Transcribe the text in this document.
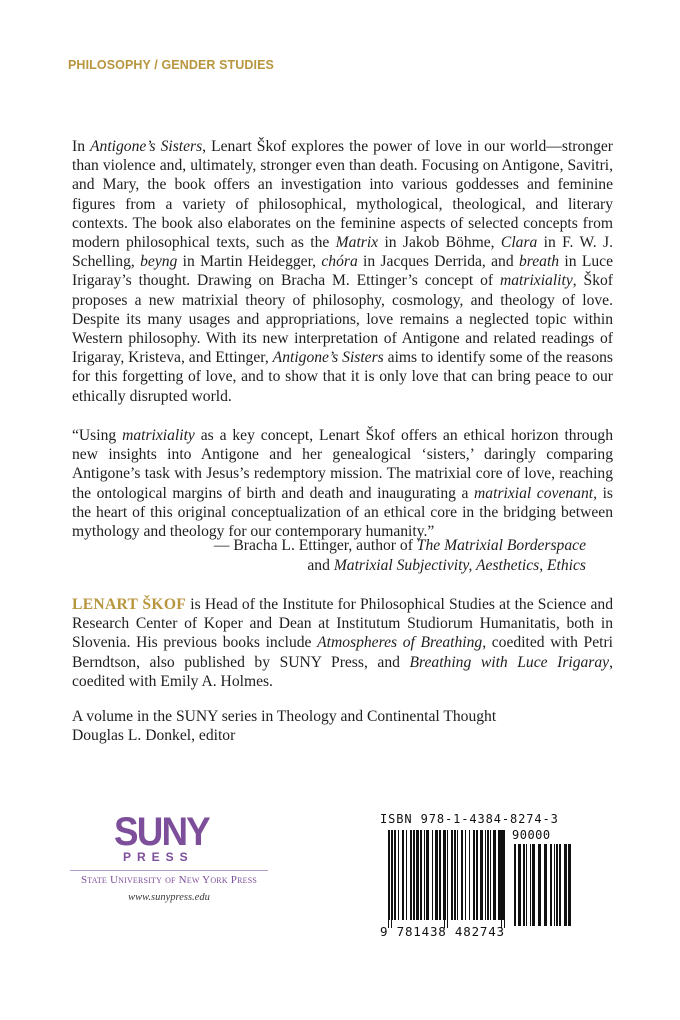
PHILOSOPHY / GENDER STUDIES

In Antigone’s Sisters, Lenart Škof explores the power of love in our world—stronger than violence and, ultimately, stronger even than death. Focusing on Antigone, Savitri, and Mary, the book offers an investigation into various goddesses and feminine figures from a variety of philosophical, mythological, theological, and literary contexts. The book also elaborates on the feminine aspects of selected concepts from modern philosophical texts, such as the Matrix in Jakob Böhme, Clara in F. W. J. Schelling, beyng in Martin Heidegger, chóra in Jacques Derrida, and breath in Luce Irigaray’s thought. Drawing on Bracha M. Ettinger’s concept of matrixiality, Škof proposes a new matrixial theory of philosophy, cosmology, and theology of love. Despite its many usages and appropriations, love remains a neglected topic within Western philosophy. With its new interpretation of Antigone and related readings of Irigaray, Kristeva, and Ettinger, Antigone’s Sisters aims to identify some of the reasons for this forgetting of love, and to show that it is only love that can bring peace to our ethically disrupted world.

“Using matrixiality as a key concept, Lenart Škof offers an ethical horizon through new insights into Antigone and her genealogical ‘sisters,’ daringly comparing Antigone’s task with Jesus’s redemptory mission. The matrixial core of love, reaching the ontological margins of birth and death and inaugurating a matrixial covenant, is the heart of this original conceptualization of an ethical core in the bridging between mythology and theology for our contemporary humanity.”

— Bracha L. Ettinger, author of The Matrixial Borderspace
and Matrixial Subjectivity, Aesthetics, Ethics

LENART ŠKOF is Head of the Institute for Philosophical Studies at the Science and Research Center of Koper and Dean at Institutum Studiorum Humanitatis, both in Slovenia. His previous books include Atmospheres of Breathing, coedited with Petri Berndtson, also published by SUNY Press, and Breathing with Luce Irigaray, coedited with Emily A. Holmes.

A volume in the SUNY series in Theology and Continental Thought
Douglas L. Donkel, editor
SUNY
PRESS
State University of New York Press
www.sunypress.edu
ISBN 978-1-4384-8274-3
90000
9 781438 482743
